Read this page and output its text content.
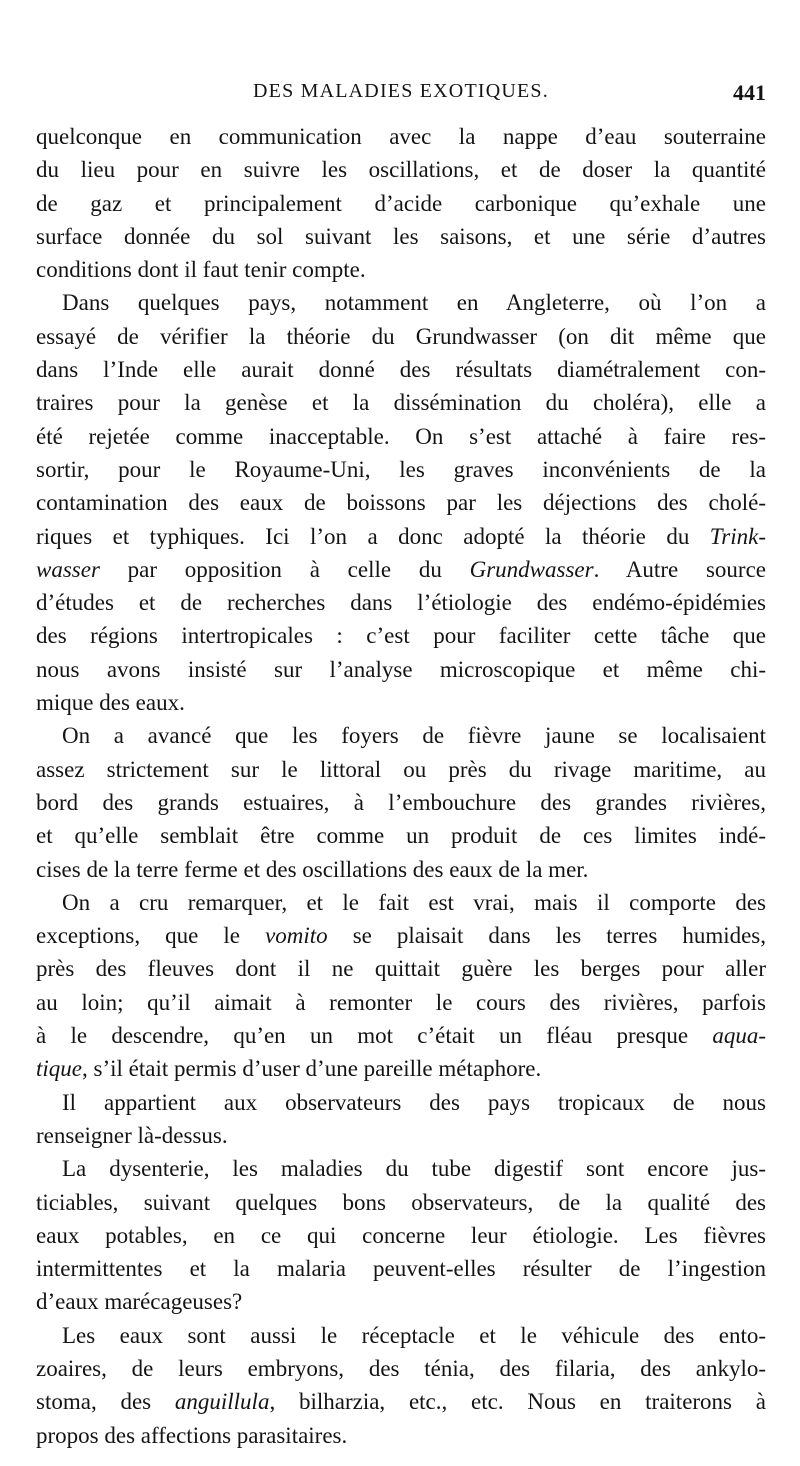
DES MALADIES EXOTIQUES.	441
quelconque en communication avec la nappe d’eau souterraine
du lieu pour en suivre les oscillations, et de doser la quantité
de gaz et principalement d’acide carbonique qu’exhale une
surface donnée du sol suivant les saisons, et une série d’autres
conditions dont il faut tenir compte.
Dans quelques pays, notamment en Angleterre, où l’on a
essayé de vérifier la théorie du Grundwasser (on dit même que
dans l’Inde elle aurait donné des résultats diamétralement con-
traires pour la genèse et la dissémination du choléra), elle a
été rejetée comme inacceptable. On s’est attaché à faire res-
sortir, pour le Royaume-Uni, les graves inconvénients de la
contamination des eaux de boissons par les déjections des cholé-
riques et typhiques. Ici l’on a donc adopté la théorie du Trink-
wasser par opposition à celle du Grundwasser. Autre source
d’études et de recherches dans l’étiologie des endémo-épidémies
des régions intertropicales : c’est pour faciliter cette tâche que
nous avons insisté sur l’analyse microscopique et même chi-
mique des eaux.
On a avancé que les foyers de fièvre jaune se localisaient
assez strictement sur le littoral ou près du rivage maritime, au
bord des grands estuaires, à l’embouchure des grandes rivières,
et qu’elle semblait être comme un produit de ces limites indé-
cises de la terre ferme et des oscillations des eaux de la mer.
On a cru remarquer, et le fait est vrai, mais il comporte des
exceptions, que le vomito se plaisait dans les terres humides,
près des fleuves dont il ne quittait guère les berges pour aller
au loin; qu’il aimait à remonter le cours des rivières, parfois
à le descendre, qu’en un mot c’était un fléau presque aqua-
tique, s’il était permis d’user d’une pareille métaphore.
Il appartient aux observateurs des pays tropicaux de nous
renseigner là-dessus.
La dysenterie, les maladies du tube digestif sont encore jus-
ticiables, suivant quelques bons observateurs, de la qualité des
eaux potables, en ce qui concerne leur étiologie. Les fièvres
intermittentes et la malaria peuvent-elles résulter de l’ingestion
d’eaux marécageuses?
Les eaux sont aussi le réceptacle et le véhicule des ento-
zoaires, de leurs embryons, des ténia, des filaria, des ankylo-
stoma, des anguillula, bilharzia, etc., etc. Nous en traiterons à
propos des affections parasitaires.
